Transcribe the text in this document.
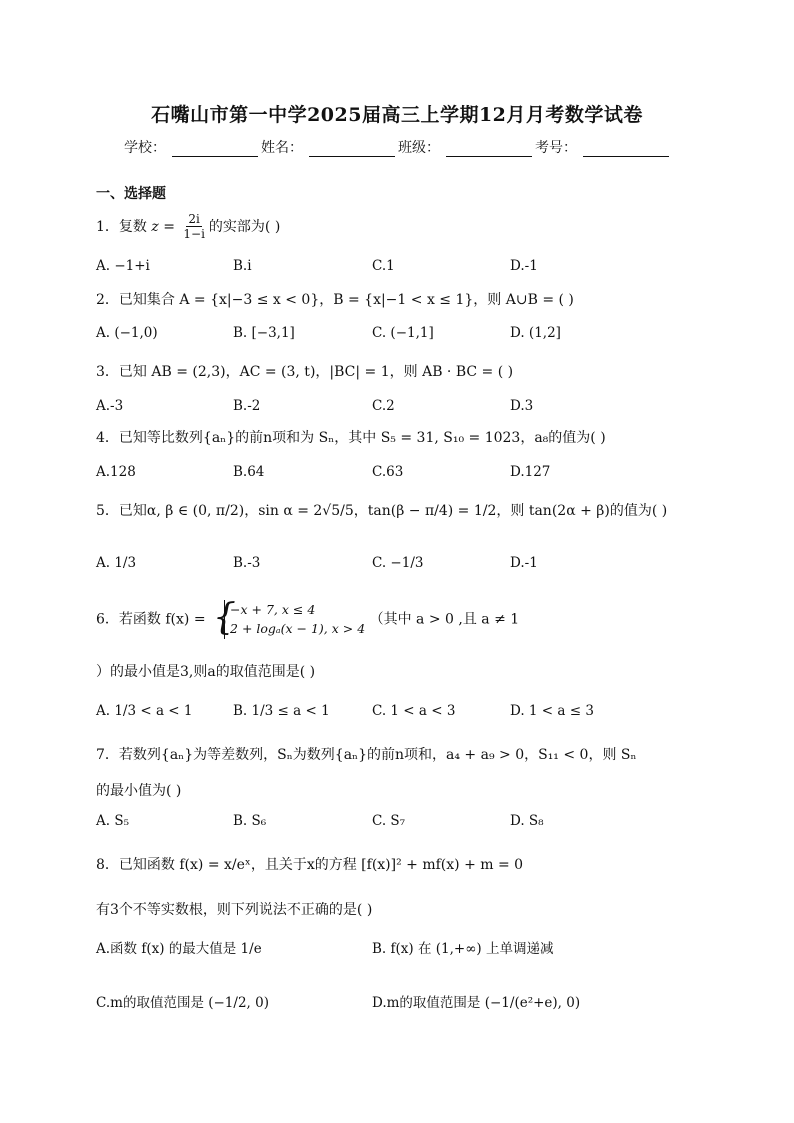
石嘴山市第一中学2025届高三上学期12月月考数学试卷
学校：	姓名：	班级：	考号：
一、选择题
1．复数 $z = \frac{2i}{1-i}$ 的实部为( )
A. −1+i	B.i	C.1	D.-1
2．已知集合 A = {x|−3 ≤ x < 0}，B = {x|−1 < x ≤ 1}，则 A∪B = ( )
A. (−1,0)	B. [−3,1]	C. (−1,1]	D. (1,2]
3．已知 AB = (2,3)，AC = (3, t)，|BC| = 1，则 AB · BC = ( )
A.-3	B.-2	C.2	D.3
4．已知等比数列{aₙ}的前n项和为 Sₙ，其中 S₅ = 31, S₁₀ = 1023，a₈的值为( )
A.128	B.64	C.63	D.127
5．已知α, β ∈ (0, π/2)，sin α = 2√5/5，tan(β − π/4) = 1/2，则 tan(2α + β)的值为( )
A. 1/3	B.-3	C. −1/3	D.-1
6．若函数 f(x) = { −x + 7, x ≤ 4
2 + logₐ(x − 1), x > 4 （其中 a > 0 ,且 a ≠ 1
）的最小值是3,则a的取值范围是( )
A. 1/3 < a < 1	B. 1/3 ≤ a < 1	C. 1 < a < 3	D. 1 < a ≤ 3
7．若数列{aₙ}为等差数列，Sₙ为数列{aₙ}的前n项和，a₄ + a₉ > 0，S₁₁ < 0，则 Sₙ
的最小值为( )
A. S₅	B. S₆	C. S₇	D. S₈
8．已知函数 f(x) = x/eˣ，且关于x的方程 [f(x)]² + mf(x) + m = 0
有3个不等实数根，则下列说法不正确的是( )
A.函数 f(x) 的最大值是 1/e	B. f(x) 在 (1,+∞) 上单调递减
C.m的取值范围是 (−1/2, 0)	D.m的取值范围是 (−1/(e²+e), 0)
